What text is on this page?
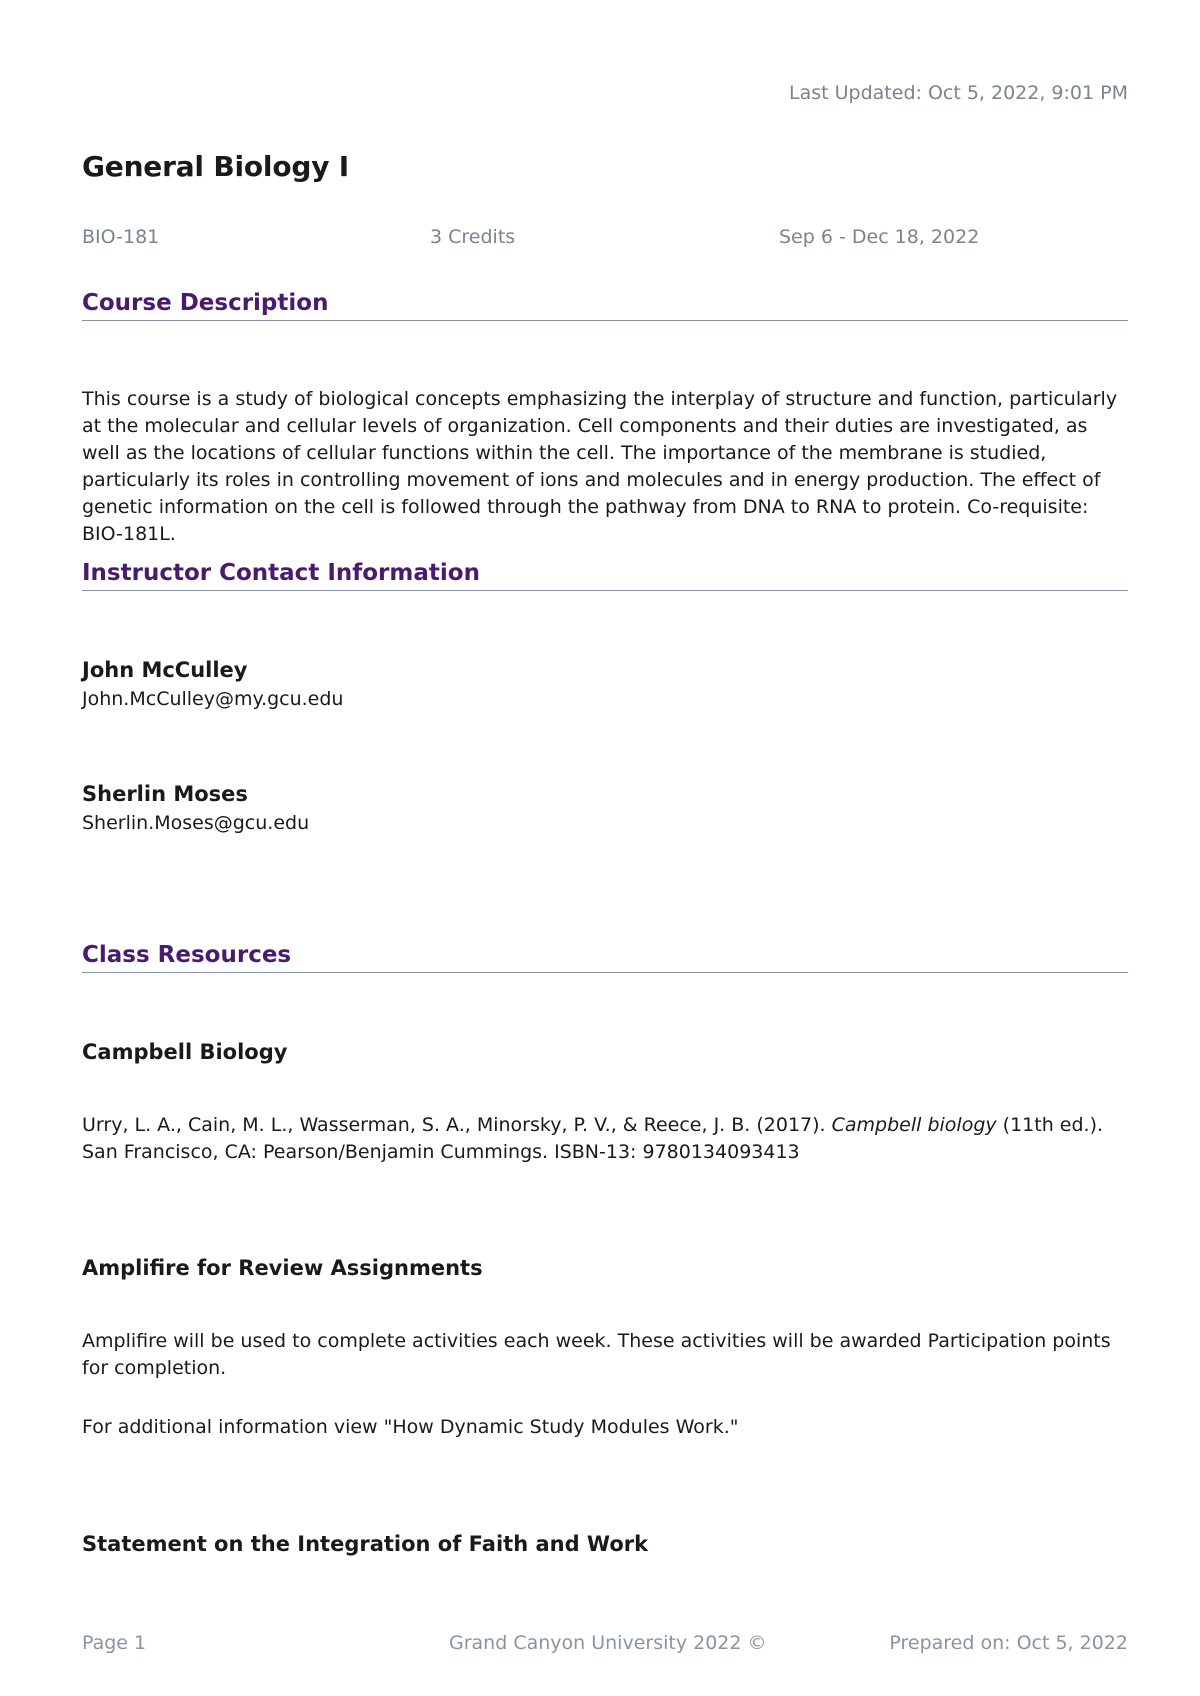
Last Updated: Oct 5, 2022, 9:01 PM
General Biology I
BIO-181	3 Credits	Sep 6 - Dec 18, 2022
Course Description

This course is a study of biological concepts emphasizing the interplay of structure and function, particularly at the molecular and cellular levels of organization. Cell components and their duties are investigated, as well as the locations of cellular functions within the cell. The importance of the membrane is studied, particularly its roles in controlling movement of ions and molecules and in energy production. The effect of genetic information on the cell is followed through the pathway from DNA to RNA to protein. Co-requisite: BIO-181L.

Instructor Contact Information

John McCulley

John.McCulley@my.gcu.edu

Sherlin Moses

Sherlin.Moses@gcu.edu

Class Resources

Campbell Biology

Urry, L. A., Cain, M. L., Wasserman, S. A., Minorsky, P. V., & Reece, J. B. (2017). Campbell biology (11th ed.). San Francisco, CA: Pearson/Benjamin Cummings. ISBN-13: 9780134093413

Amplifire for Review Assignments

Amplifire will be used to complete activities each week. These activities will be awarded Participation points for completion.

For additional information view "How Dynamic Study Modules Work."

Statement on the Integration of Faith and Work

Page 1	Grand Canyon University 2022 ©	Prepared on: Oct 5, 2022
